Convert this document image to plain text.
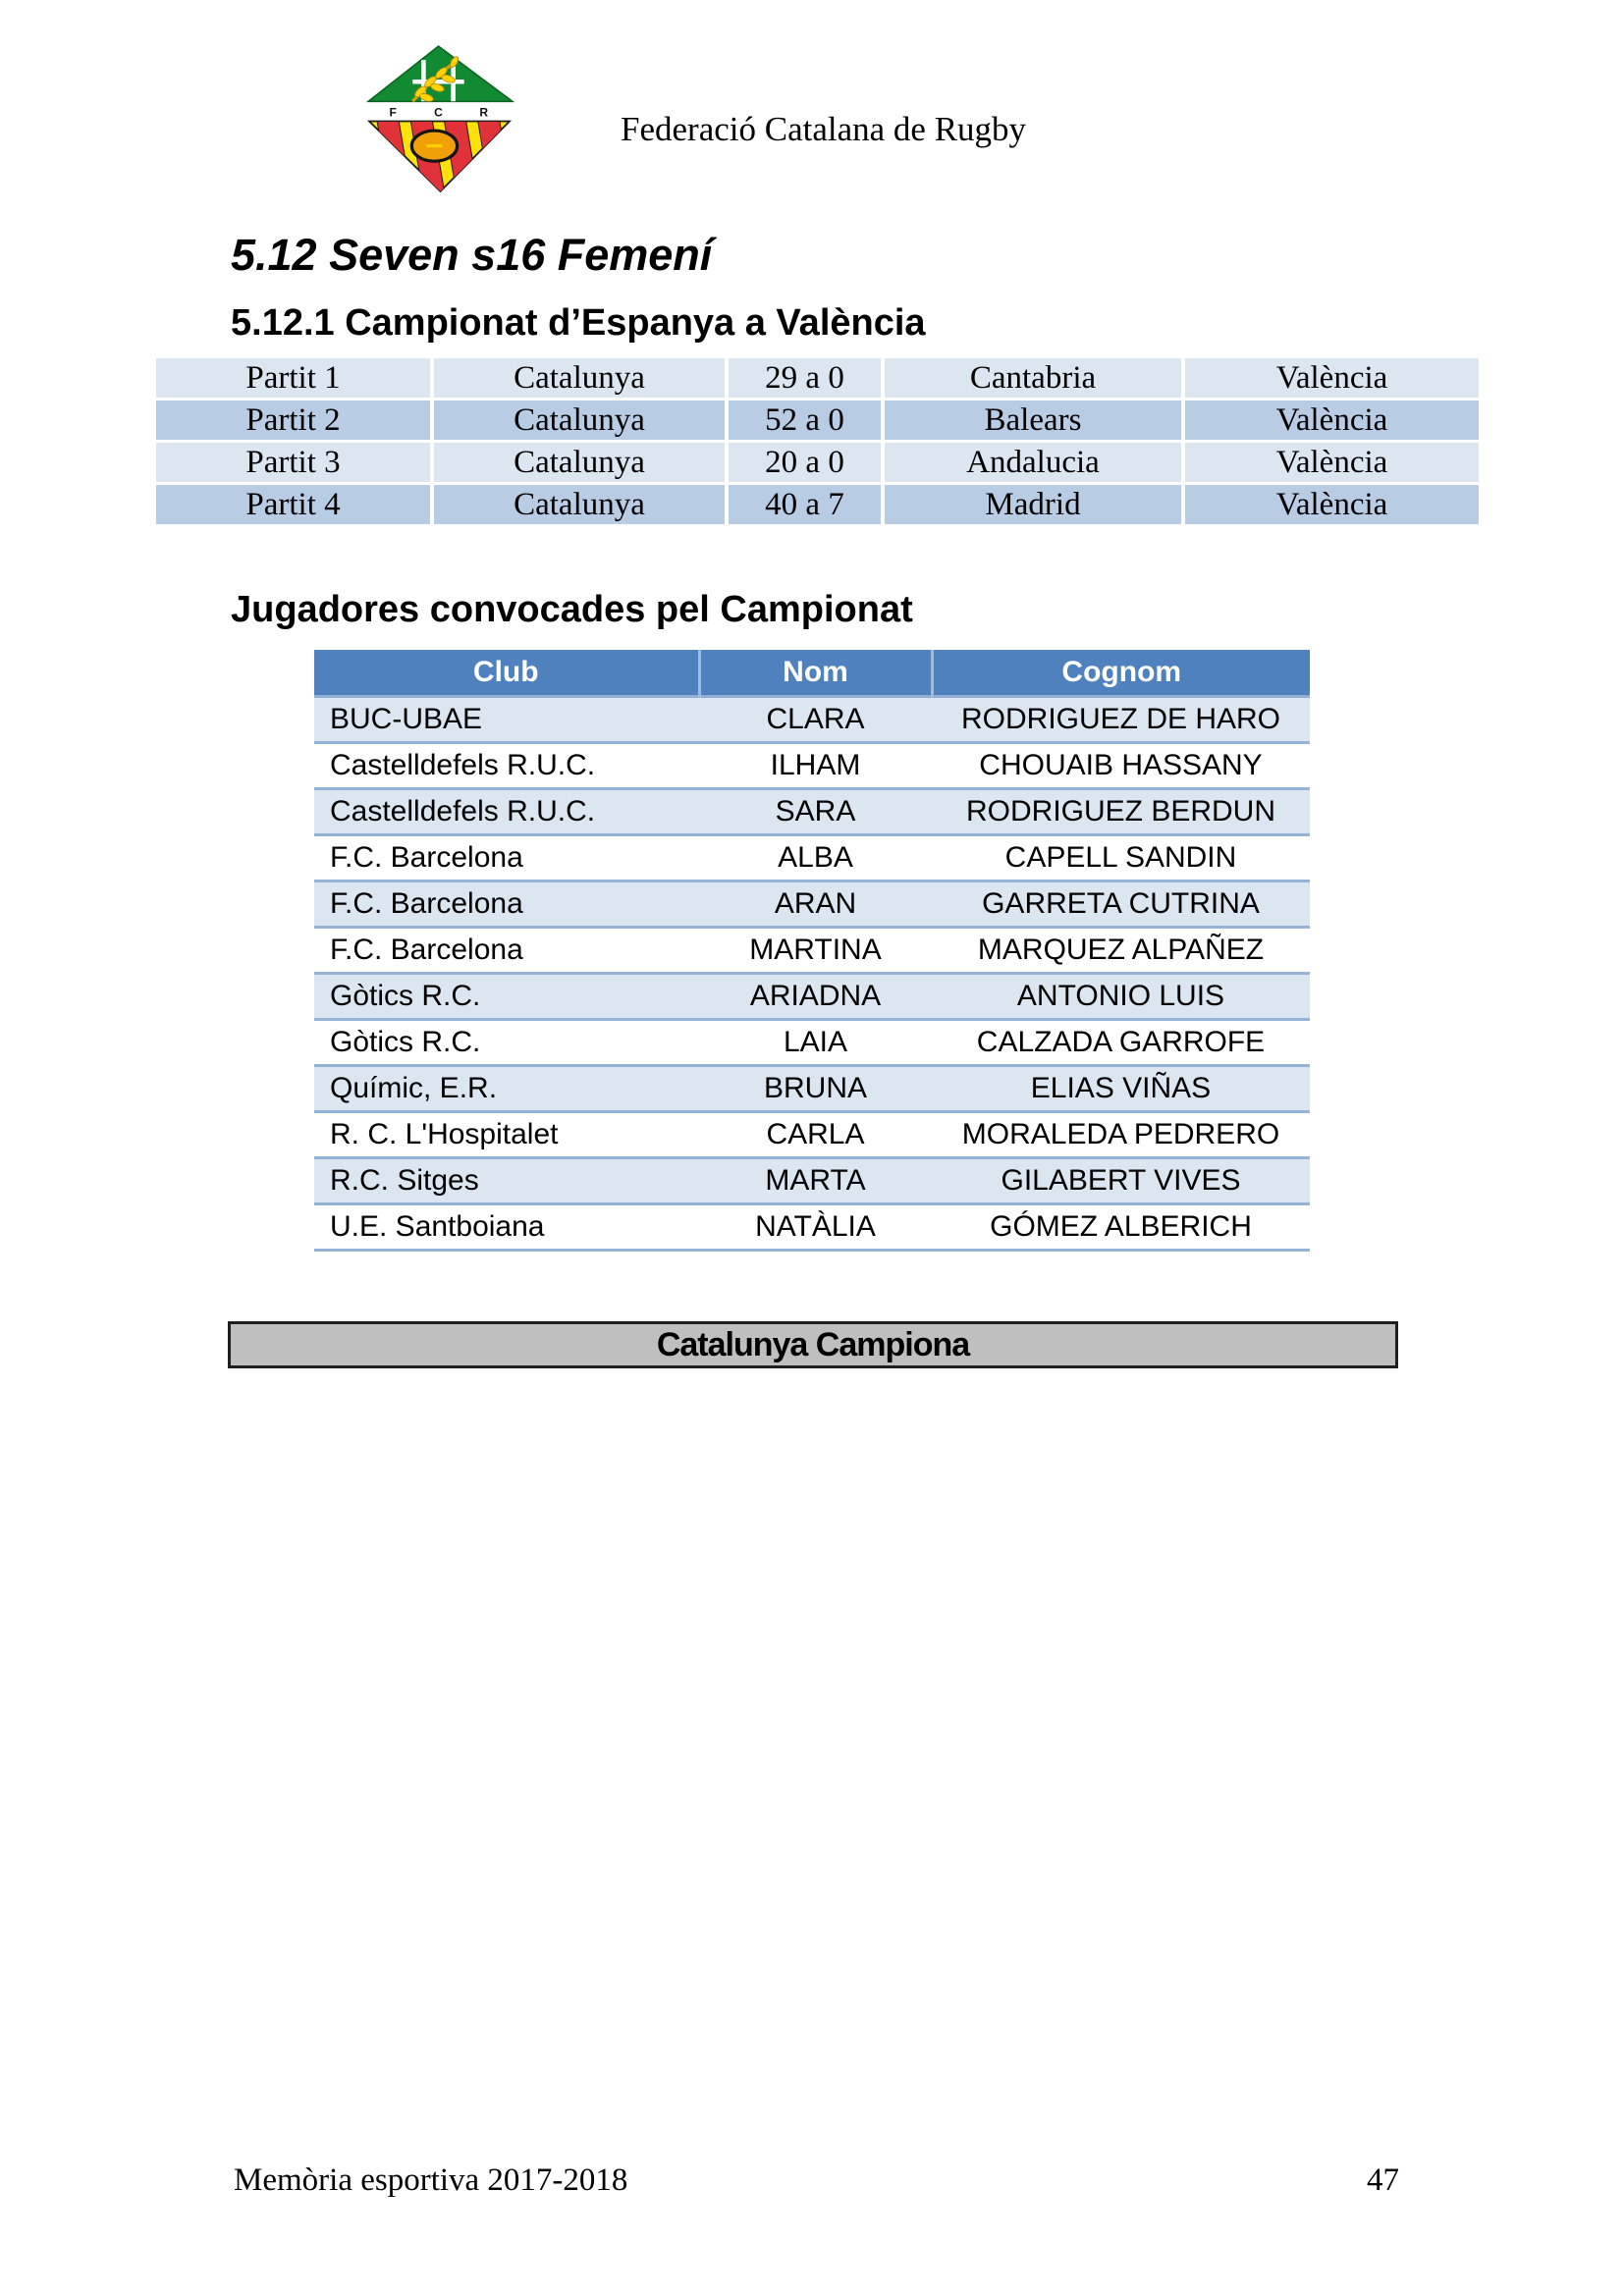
F	C	R	Federació Catalana de Rugby
5.12 Seven s16 Femení
5.12.1 Campionat d’Espanya a València
Partit 1	Catalunya	29 a 0	Cantabria	València
Partit 2	Catalunya	52 a 0	Balears	València
Partit 3	Catalunya	20 a 0	Andalucia	València
Partit 4	Catalunya	40 a 7	Madrid	València
Jugadores convocades pel Campionat
Club	Nom	Cognom
BUC-UBAE	CLARA	RODRIGUEZ DE HARO
Castelldefels R.U.C.	ILHAM	CHOUAIB HASSANY
Castelldefels R.U.C.	SARA	RODRIGUEZ BERDUN
F.C. Barcelona	ALBA	CAPELL SANDIN
F.C. Barcelona	ARAN	GARRETA CUTRINA
F.C. Barcelona	MARTINA	MARQUEZ ALPAÑEZ
Gòtics R.C.	ARIADNA	ANTONIO LUIS
Gòtics R.C.	LAIA	CALZADA GARROFE
Químic, E.R.	BRUNA	ELIAS VIÑAS
R. C. L'Hospitalet	CARLA	MORALEDA PEDRERO
R.C. Sitges	MARTA	GILABERT VIVES
U.E. Santboiana	NATÀLIA	GÓMEZ ALBERICH
Catalunya Campiona
Memòria esportiva 2017-2018	47
